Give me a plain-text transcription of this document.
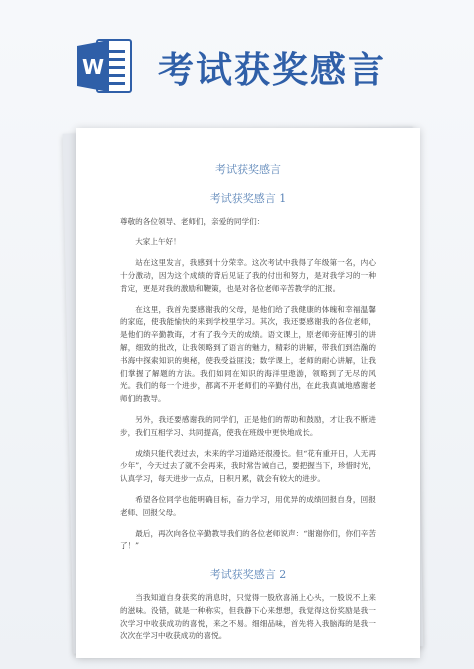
W 考试获奖感言
考试获奖感言
考试获奖感言 1

尊敬的各位领导、老师们，亲爱的同学们：

大家上午好！

站在这里发言，我感到十分荣幸。这次考试中我得了年级第一名，内心十分激动，因为这个成绩的背后见证了我的付出和努力，是对我学习的一种肯定，更是对我的激励和鞭策，也是对各位老师辛苦教学的汇报。

在这里，我首先要感谢我的父母，是他们给了我健康的体魄和幸福温馨的家庭，使我能愉快的来到学校里学习。其次，我还要感谢我的各位老师，是他们的辛勤教诲，才有了我今天的成绩。语文课上，原老师旁征博引的讲解，细致的批改，让我领略到了语言的魅力，精彩的讲解，带我们到浩瀚的书海中探索知识的奥秘，使我受益匪浅；数学课上，老师的耐心讲解，让我们掌握了解题的方法。我们如同在知识的海洋里遨游，领略到了无尽的风光。我们的每一个进步，都离不开老师们的辛勤付出，在此我真诚地感谢老师们的教导。

另外，我还要感谢我的同学们，正是他们的帮助和鼓励，才让我不断进步，我们互相学习、共同提高，使我在班级中更快地成长。

成绩只能代表过去，未来的学习道路还很漫长。但“花有重开日，人无再少年”，今天过去了就不会再来，我时常告诫自己，要把握当下，珍惜时光，认真学习，每天进步一点点，日积月累，就会有较大的进步。

希望各位同学也能明确目标，奋力学习，用优异的成绩回报自身，回报老师、回报父母。

最后，再次向各位辛勤教导我们的各位老师说声：“谢谢你们，你们辛苦了！”

考试获奖感言 2

当我知道自身获奖的消息时，只觉得一股欣喜涌上心头，一股说不上来的滋味。没错，就是一种称实，但我静下心来想想，我觉得这份奖励是我一次学习中收获成功的喜悦，来之不易。细细品味，首先将入我脑海的是我一次次在学习中收获成功的喜悦。
